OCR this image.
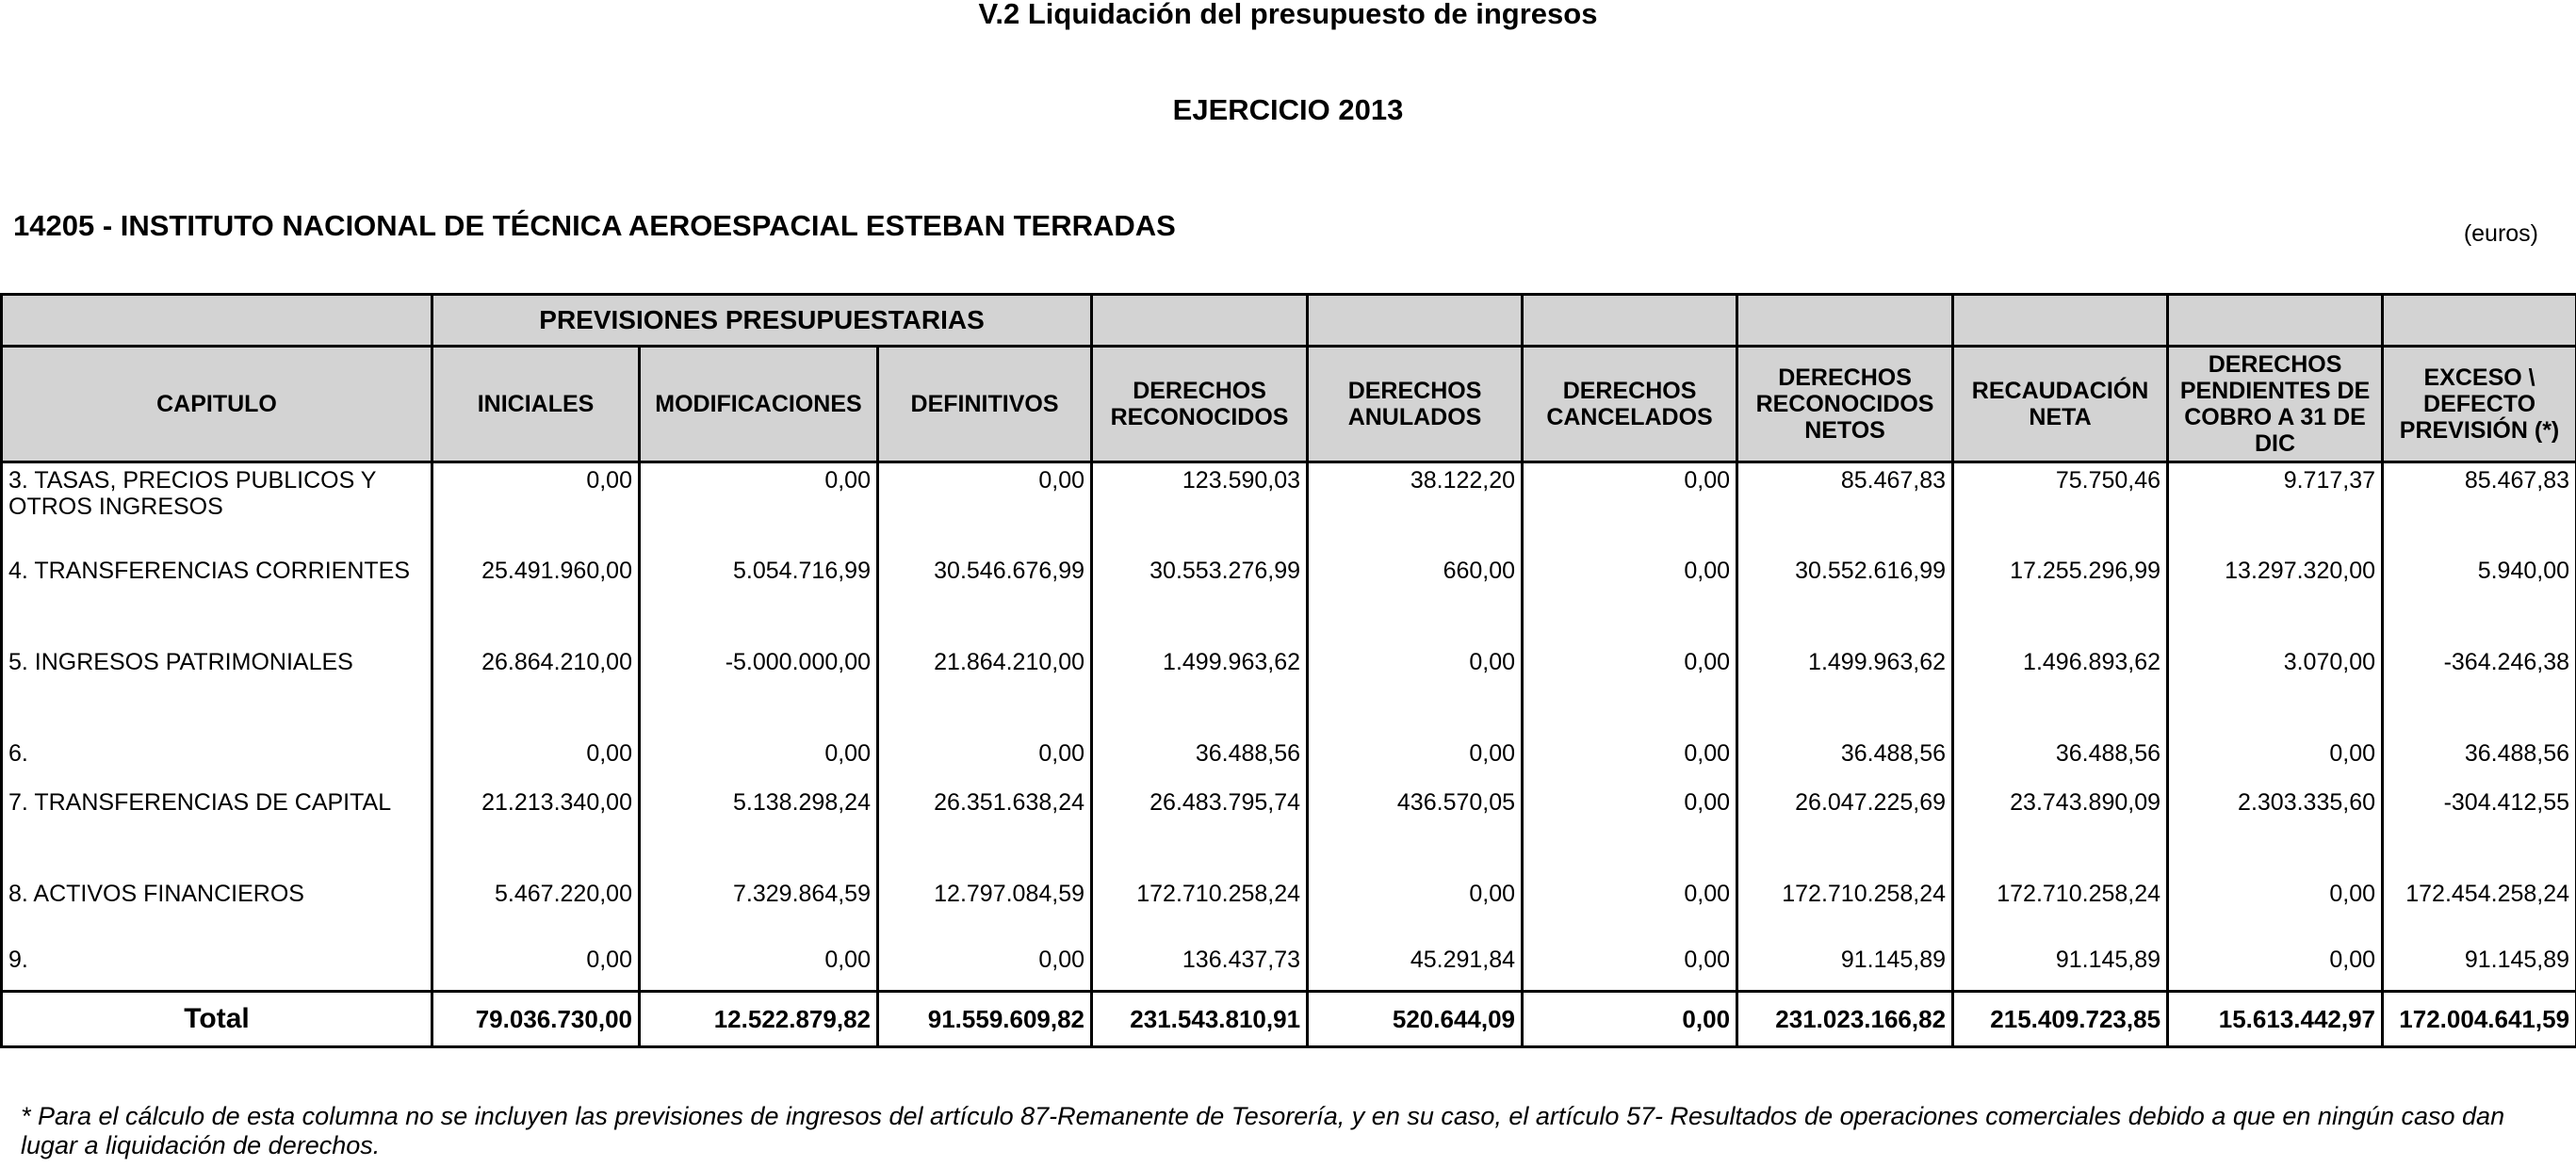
V.2 Liquidación del presupuesto de ingresos
EJERCICIO 2013
14205 - INSTITUTO NACIONAL DE TÉCNICA AEROESPACIAL ESTEBAN TERRADAS	(euros)
	PREVISIONES PRESUPUESTARIAS									
CAPITULO	INICIALES	MODIFICACIONES	DEFINITIVOS	DERECHOS RECONOCIDOS	DERECHOS ANULADOS	DERECHOS CANCELADOS	DERECHOS RECONOCIDOS NETOS	RECAUDACIÓN NETA	DERECHOS PENDIENTES DE COBRO A 31 DE DIC	EXCESO \ DEFECTO PREVISIÓN (*)
3. TASAS, PRECIOS PUBLICOS Y OTROS INGRESOS	0,00	0,00	0,00	123.590,03	38.122,20	0,00	85.467,83	75.750,46	9.717,37	85.467,83
4. TRANSFERENCIAS CORRIENTES	25.491.960,00	5.054.716,99	30.546.676,99	30.553.276,99	660,00	0,00	30.552.616,99	17.255.296,99	13.297.320,00	5.940,00
5. INGRESOS PATRIMONIALES	26.864.210,00	-5.000.000,00	21.864.210,00	1.499.963,62	0,00	0,00	1.499.963,62	1.496.893,62	3.070,00	-364.246,38
6.	0,00	0,00	0,00	36.488,56	0,00	0,00	36.488,56	36.488,56	0,00	36.488,56
7. TRANSFERENCIAS DE CAPITAL	21.213.340,00	5.138.298,24	26.351.638,24	26.483.795,74	436.570,05	0,00	26.047.225,69	23.743.890,09	2.303.335,60	-304.412,55
8. ACTIVOS FINANCIEROS	5.467.220,00	7.329.864,59	12.797.084,59	172.710.258,24	0,00	0,00	172.710.258,24	172.710.258,24	0,00	172.454.258,24
9.	0,00	0,00	0,00	136.437,73	45.291,84	0,00	91.145,89	91.145,89	0,00	91.145,89
Total	79.036.730,00	12.522.879,82	91.559.609,82	231.543.810,91	520.644,09	0,00	231.023.166,82	215.409.723,85	15.613.442,97	172.004.641,59
* Para el cálculo de esta columna no se incluyen las previsiones de ingresos del artículo 87-Remanente de Tesorería, y en su caso, el artículo 57- Resultados de operaciones comerciales debido a que en ningún caso dan lugar a liquidación de derechos.
